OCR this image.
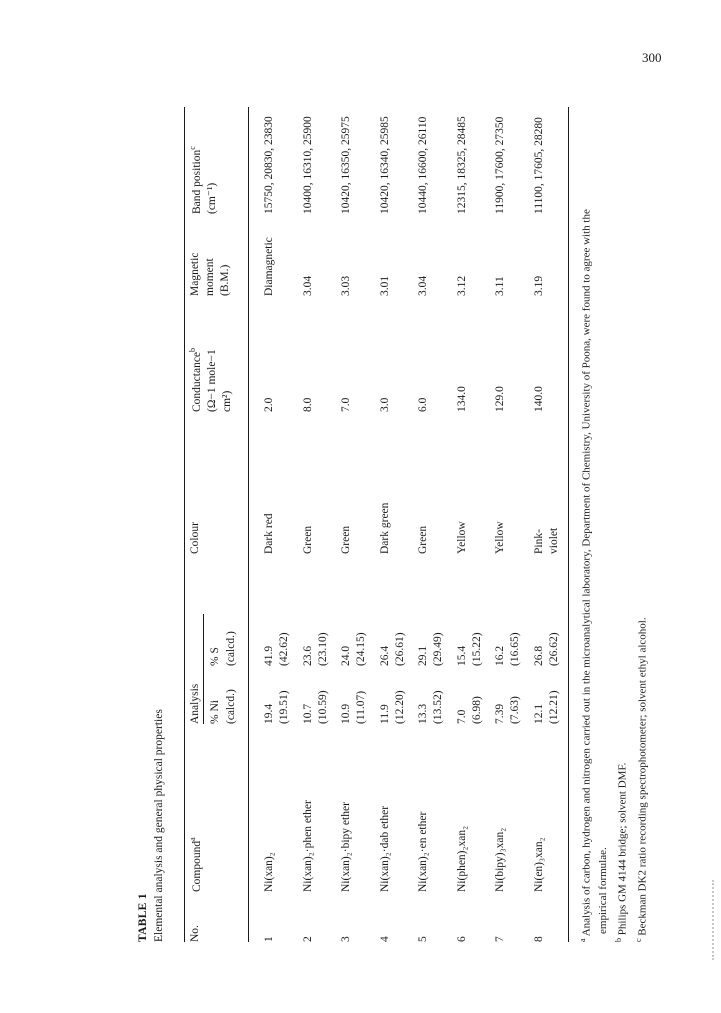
300
TABLE 1 Elemental analysis and general physical properties No.
Compound$^a$
Analysis % Ni (calcd.)
% S (calcd.)
Colour
Conductance$^b$ (Ω−1 mole−1 cm²)
Magnetic moment (B.M.)
Band position$^c$
(cm⁻¹)
1
Ni(xan)₂
19.4
41.9
Dark red
2.0
Diamagnetic
15750, 20830, 23830
(19.51)
(42.62)
2
Ni(xan)₂·phen ether
10.7
23.6
Green
8.0
3.04
10400, 16310, 25900
(10.59)
(23.10)
3
Ni(xan)₂·bipy ether
10.9
24.0
Green
7.0
3.03
10420, 16350, 25975
(11.07)
(24.15)
4
Ni(xan)₂·dab ether
11.9
26.4
Dark green
3.0
3.01
10420, 16340, 25985
(12.20)
(26.61)
5
Ni(xan)₂·en ether
13.3
29.1
Green
6.0
3.04
10440, 16600, 26110
(13.52)
(29.49)
6
Ni(phen)₂xan₂
7.0
15.4
Yellow
134.0
3.12
12315, 18325, 28485
(6.98)
(15.22)
7
Ni(bipy)₃xan₂
7.39
16.2
Yellow
129.0
3.11
11900, 17600, 27350
(7.63)
(16.65)
8
Ni(en)₃xan₂
12.1
26.8
Pink-
140.0
3.19
11100, 17605, 28280
(12.21)
(26.62)
violet

$^a$ Analysis of carbon, hydrogen and nitrogen carried out in the microanalytical laboratory, Department of Chemistry, University of Poona, were found to agree with the empirical formulae.

$^b$ Philips GM 4144 bridge; solvent DMF.

$^c$ Beckman DK2 ratio recording spectrophotometer; solvent ethyl alcohol.
